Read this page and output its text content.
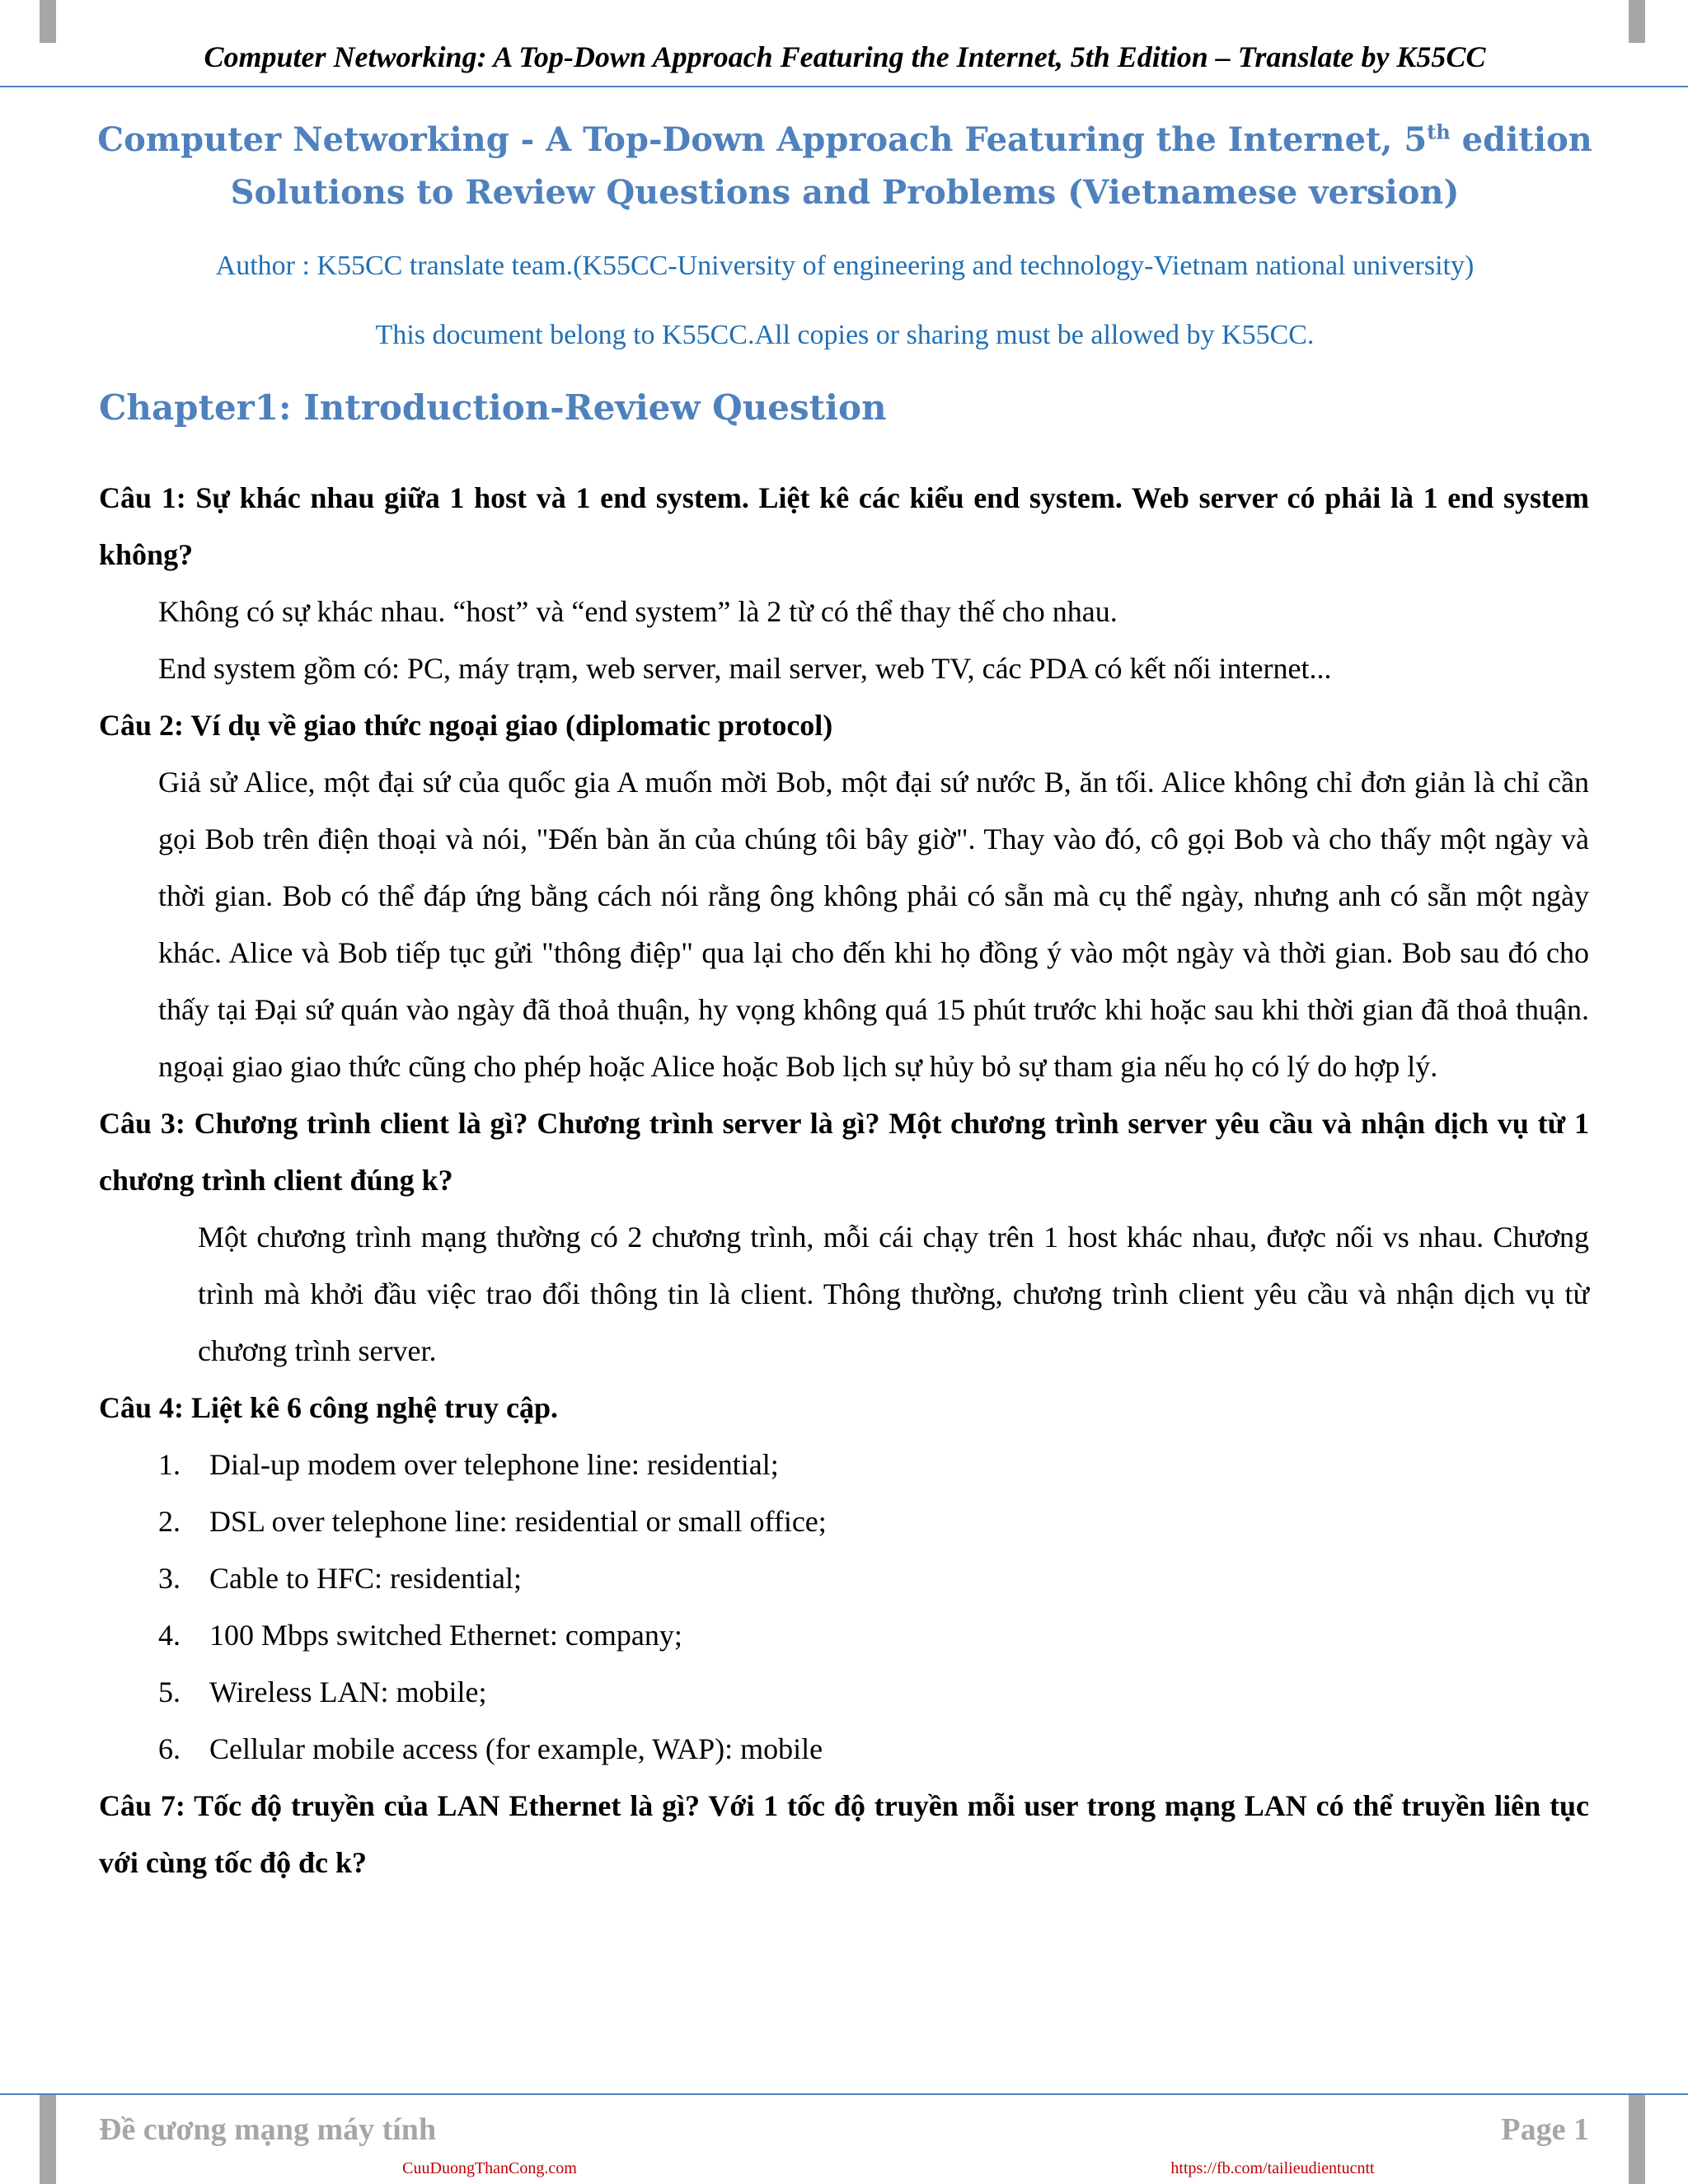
Computer Networking: A Top-Down Approach Featuring the Internet, 5th Edition – Translate by K55CC
Computer Networking - A Top-Down Approach Featuring the Internet, 5th edition
Solutions to Review Questions and Problems (Vietnamese version)
Author : K55CC translate team.(K55CC-University of engineering and technology-Vietnam national university)
This document belong to K55CC.All copies or sharing must be allowed by K55CC.
Chapter1: Introduction-Review Question

Câu 1: Sự khác nhau giữa 1 host và 1 end system. Liệt kê các kiểu end system. Web server có phải là 1 end system không?

Không có sự khác nhau. “host” và “end system” là 2 từ có thể thay thế cho nhau.

End system gồm có: PC, máy trạm, web server, mail server, web TV, các PDA có kết nối internet...

Câu 2: Ví dụ về giao thức ngoại giao (diplomatic protocol)

Giả sử Alice, một đại sứ của quốc gia A muốn mời Bob, một đại sứ nước B, ăn tối. Alice không chỉ đơn giản là chỉ cần gọi Bob trên điện thoại và nói, "Đến bàn ăn của chúng tôi bây giờ". Thay vào đó, cô gọi Bob và cho thấy một ngày và thời gian. Bob có thể đáp ứng bằng cách nói rằng ông không phải có sẵn mà cụ thể ngày, nhưng anh có sẵn một ngày khác. Alice và Bob tiếp tục gửi "thông điệp" qua lại cho đến khi họ đồng ý vào một ngày và thời gian. Bob sau đó cho thấy tại Đại sứ quán vào ngày đã thoả thuận, hy vọng không quá 15 phút trước khi hoặc sau khi thời gian đã thoả thuận. ngoại giao giao thức cũng cho phép hoặc Alice hoặc Bob lịch sự hủy bỏ sự tham gia nếu họ có lý do hợp lý.

Câu 3: Chương trình client là gì? Chương trình server là gì? Một chương trình server yêu cầu và nhận dịch vụ từ 1 chương trình client đúng k?

Một chương trình mạng thường có 2 chương trình, mỗi cái chạy trên 1 host khác nhau, được nối vs nhau. Chương trình mà khởi đầu việc trao đổi thông tin là client. Thông thường, chương trình client yêu cầu và nhận dịch vụ từ chương trình server.

Câu 4: Liệt kê 6 công nghệ truy cập.

1. Dial-up modem over telephone line: residential;
2. DSL over telephone line: residential or small office;
3. Cable to HFC: residential;
4. 100 Mbps switched Ethernet: company;
5. Wireless LAN: mobile;
6. Cellular mobile access (for example, WAP): mobile

Câu 7: Tốc độ truyền của LAN Ethernet là gì? Với 1 tốc độ truyền mỗi user trong mạng LAN có thể truyền liên tục với cùng tốc độ đc k?

Đề cương mạng máy tính	Page 1
CuuDuongThanCong.com	https://fb.com/tailieudientucntt
